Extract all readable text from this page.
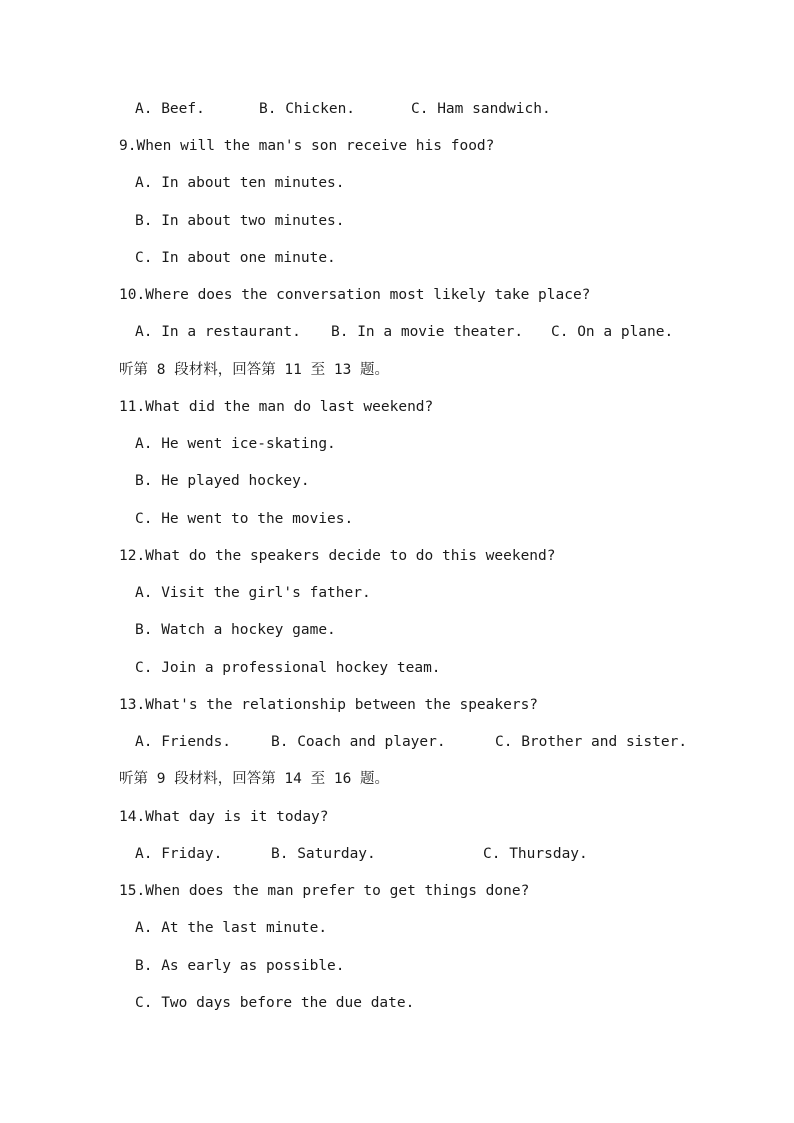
A. Beef.

	B. Chicken.

	C. Ham sandwich.

9.When will the man's son receive his food?
A. In about ten minutes.
B. In about two minutes.
C. In about one minute.
10.Where does the conversation most likely take place?

A. In a restaurant.

B. In a movie theater.

C. On a plane.

听第 8 段材料，回答第 11 至 13 题。
11.What did the man do last weekend?
A. He went ice-skating.
B. He played hockey.
C. He went to the movies.
12.What do the speakers decide to do this weekend?
A. Visit the girl's father.
B. Watch a hockey game.
C. Join a professional hockey team.
13.What's the relationship between the speakers?

A. Friends.

	B. Coach and player.

	C. Brother and sister.

听第 9 段材料，回答第 14 至 16 题。
14.What day is it today?

A. Friday.

	B. Saturday.

	C. Thursday.

15.When does the man prefer to get things done?
A. At the last minute.
B. As early as possible.
C. Two days before the due date.
